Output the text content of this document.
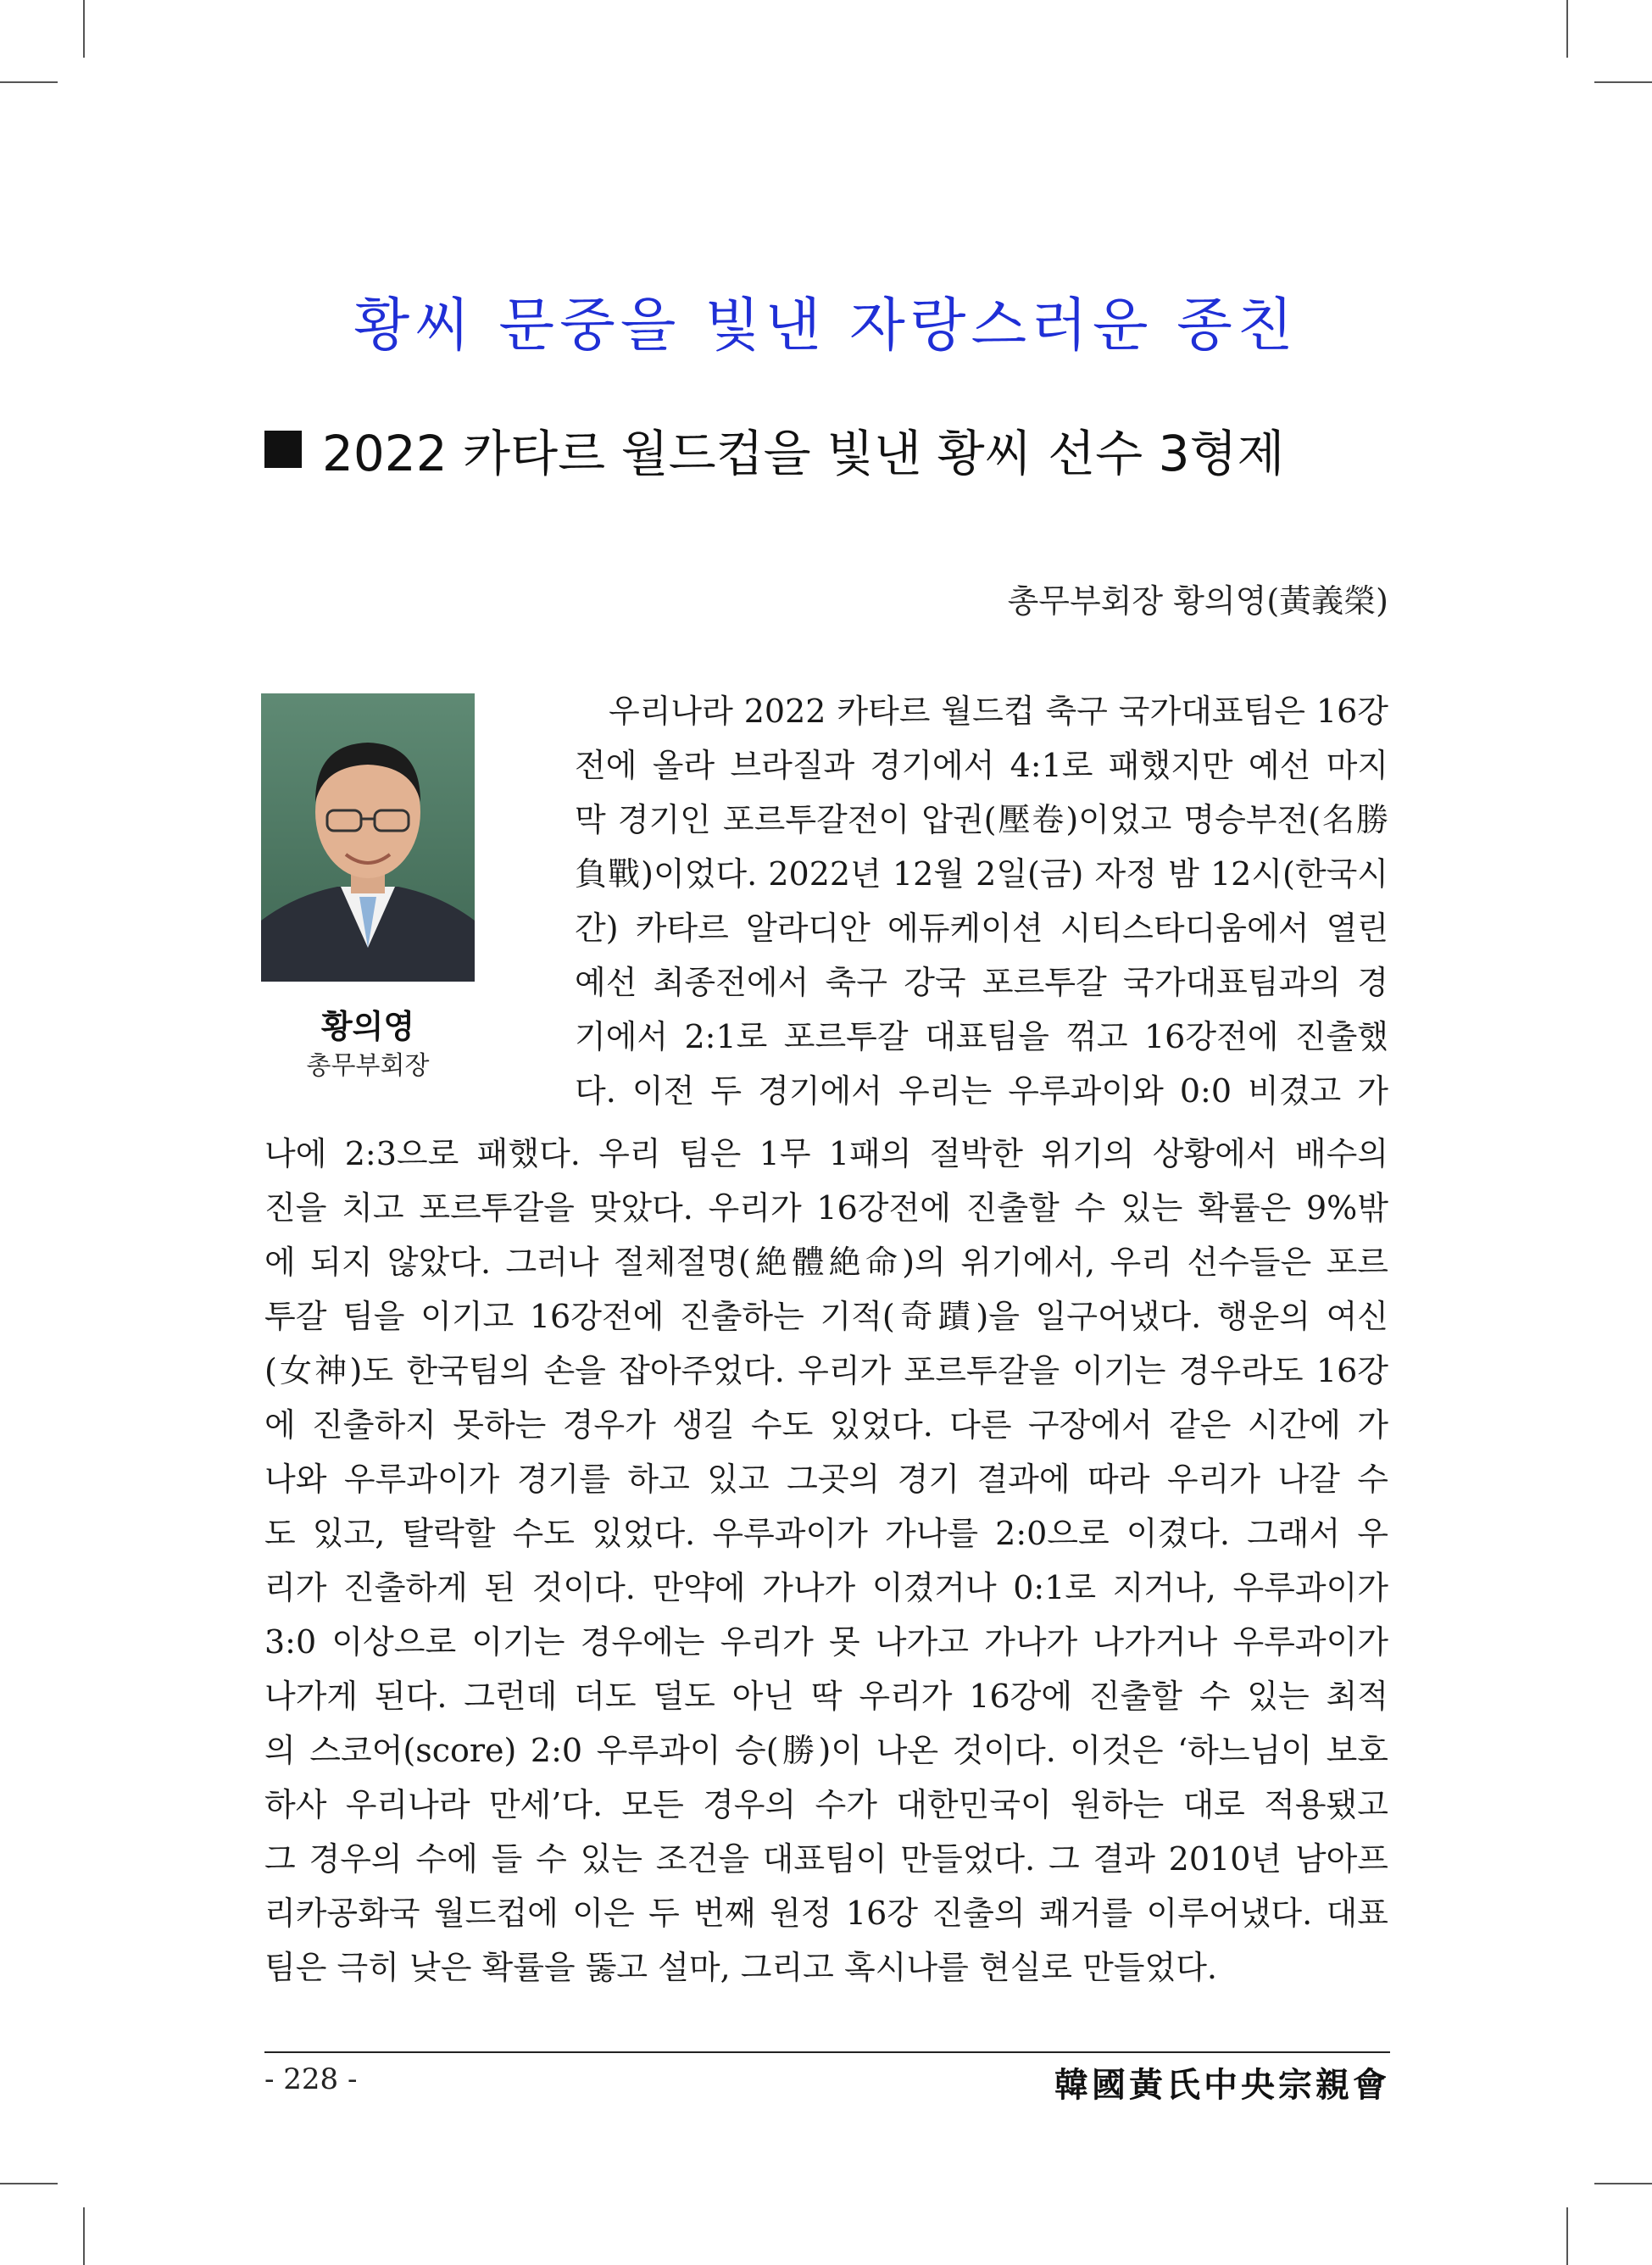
황씨 문중을 빛낸 자랑스러운 종친
2022 카타르 월드컵을 빛낸 황씨 선수 3형제
총무부회장 황의영(黃義榮)
황의영
총무부회장
우리나라 2022 카타르 월드컵 축구 국가대표팀은 16강
전에 올라 브라질과 경기에서 4:1로 패했지만 예선 마지
막 경기인 포르투갈전이 압권(壓卷)이었고 명승부전(名勝
負戰)이었다. 2022년 12월 2일(금) 자정 밤 12시(한국시
간) 카타르 알라디안 에듀케이션 시티스타디움에서 열린
예선 최종전에서 축구 강국 포르투갈 국가대표팀과의 경
기에서 2:1로 포르투갈 대표팀을 꺾고 16강전에 진출했
다. 이전 두 경기에서 우리는 우루과이와 0:0 비겼고 가
나에 2:3으로 패했다. 우리 팀은 1무 1패의 절박한 위기의 상황에서 배수의
진을 치고 포르투갈을 맞았다. 우리가 16강전에 진출할 수 있는 확률은 9%밖
에 되지 않았다. 그러나 절체절명(絶體絶命)의 위기에서, 우리 선수들은 포르
투갈 팀을 이기고 16강전에 진출하는 기적(奇蹟)을 일구어냈다. 행운의 여신
(女神)도 한국팀의 손을 잡아주었다. 우리가 포르투갈을 이기는 경우라도 16강
에 진출하지 못하는 경우가 생길 수도 있었다. 다른 구장에서 같은 시간에 가
나와 우루과이가 경기를 하고 있고 그곳의 경기 결과에 따라 우리가 나갈 수
도 있고, 탈락할 수도 있었다. 우루과이가 가나를 2:0으로 이겼다. 그래서 우
리가 진출하게 된 것이다. 만약에 가나가 이겼거나 0:1로 지거나, 우루과이가
3:0 이상으로 이기는 경우에는 우리가 못 나가고 가나가 나가거나 우루과이가
나가게 된다. 그런데 더도 덜도 아닌 딱 우리가 16강에 진출할 수 있는 최적
의 스코어(score) 2:0 우루과이 승(勝)이 나온 것이다. 이것은 ‘하느님이 보호
하사 우리나라 만세’다. 모든 경우의 수가 대한민국이 원하는 대로 적용됐고
그 경우의 수에 들 수 있는 조건을 대표팀이 만들었다. 그 결과 2010년 남아프
리카공화국 월드컵에 이은 두 번째 원정 16강 진출의 쾌거를 이루어냈다. 대표
팀은 극히 낮은 확률을 뚫고 설마, 그리고 혹시나를 현실로 만들었다.
- 228 -	韓國黃氏中央宗親會
